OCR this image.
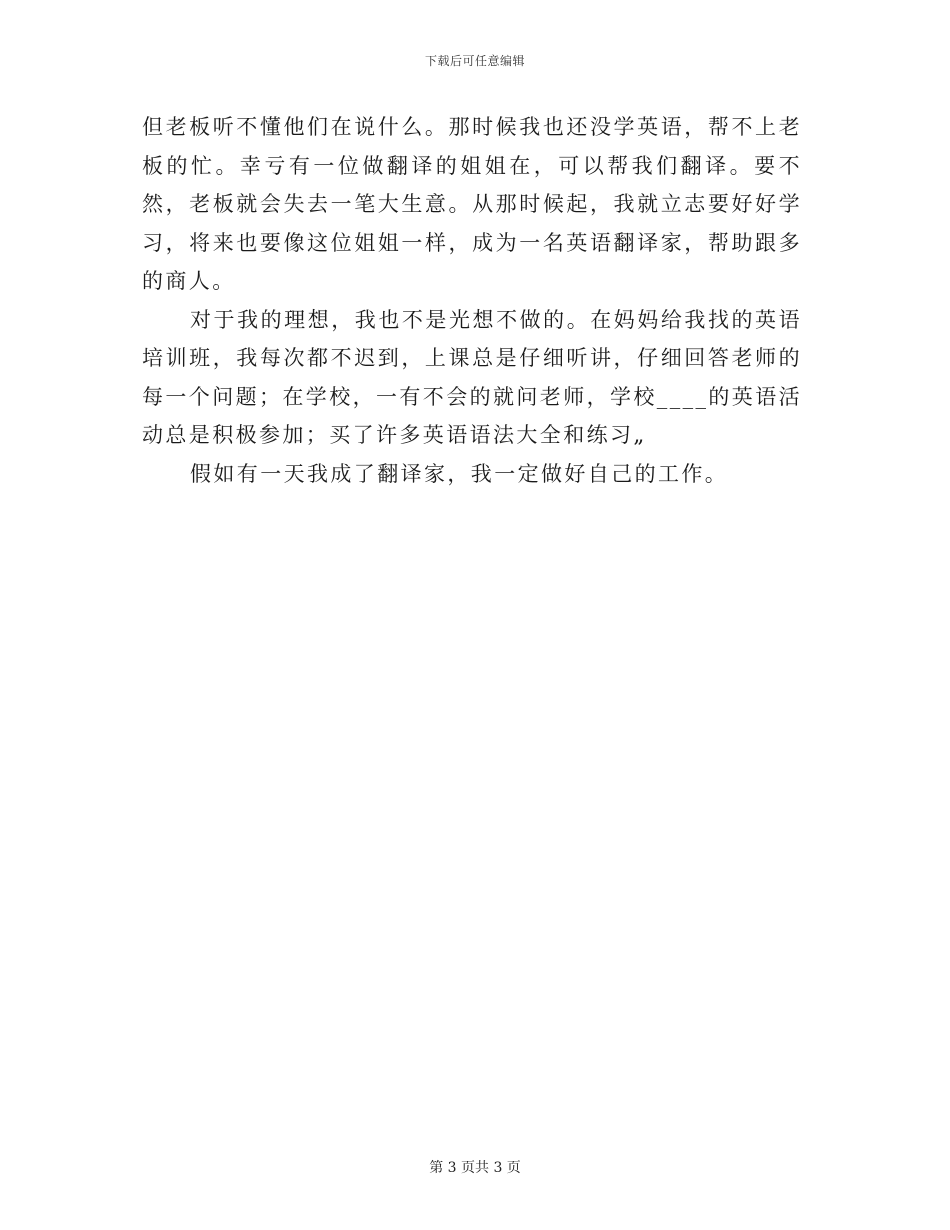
下载后可任意编辑

但老板听不懂他们在说什么。那时候我也还没学英语，帮不上老板的忙。幸亏有一位做翻译的姐姐在，可以帮我们翻译。要不然，老板就会失去一笔大生意。从那时候起，我就立志要好好学习，将来也要像这位姐姐一样，成为一名英语翻译家，帮助跟多的商人。

对于我的理想，我也不是光想不做的。在妈妈给我找的英语培训班，我每次都不迟到，上课总是仔细听讲，仔细回答老师的每一个问题；在学校，一有不会的就问老师，学校____的英语活动总是积极参加；买了许多英语语法大全和练习„

假如有一天我成了翻译家，我一定做好自己的工作。

第 3 页共 3 页
